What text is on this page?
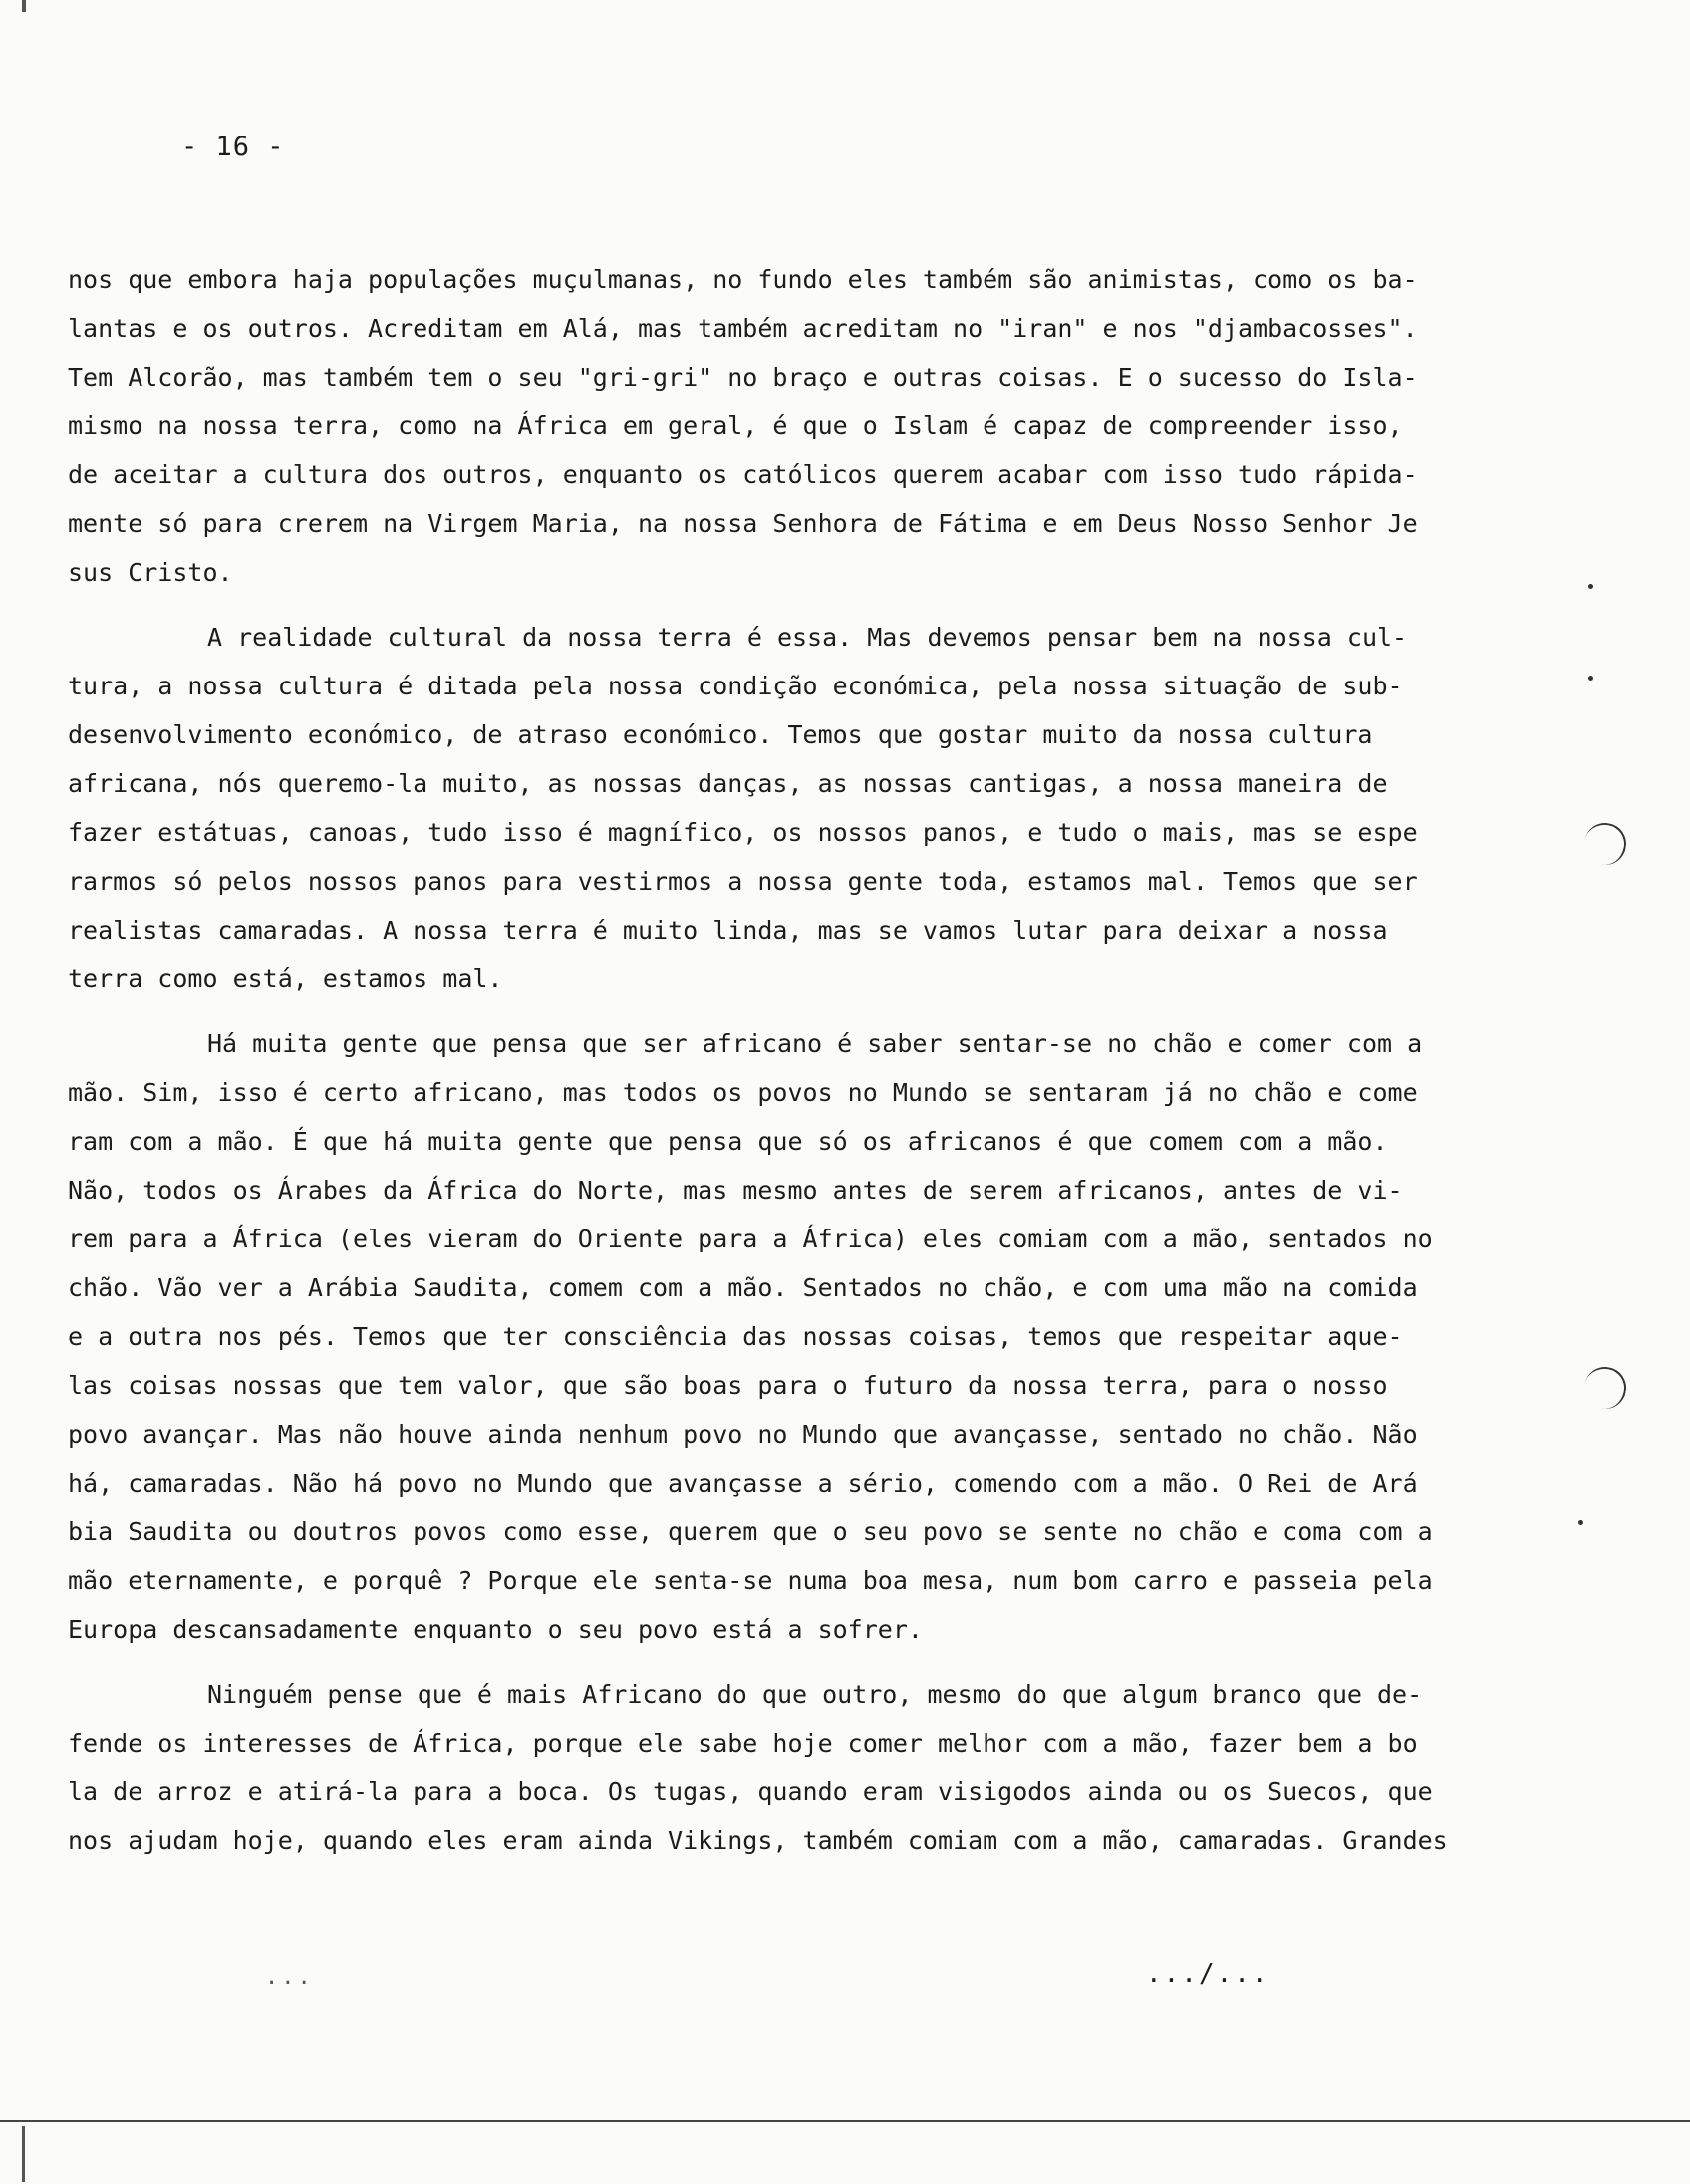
- 16 -
nos que embora haja populações muçulmanas, no fundo eles também são animistas, como os ba-
lantas e os outros. Acreditam em Alá, mas também acreditam no "iran" e nos "djambacosses".
Tem Alcorão, mas também tem o seu "gri-gri" no braço e outras coisas. E o sucesso do Isla-
mismo na nossa terra, como na África em geral, é que o Islam é capaz de compreender isso,
de aceitar a cultura dos outros, enquanto os católicos querem acabar com isso tudo rápida-
mente só para crerem na Virgem Maria, na nossa Senhora de Fátima e em Deus Nosso Senhor Je
sus Cristo.
A realidade cultural da nossa terra é essa. Mas devemos pensar bem na nossa cul-
tura, a nossa cultura é ditada pela nossa condição económica, pela nossa situação de sub-
desenvolvimento económico, de atraso económico. Temos que gostar muito da nossa cultura
africana, nós queremo-la muito, as nossas danças, as nossas cantigas, a nossa maneira de
fazer estátuas, canoas, tudo isso é magnífico, os nossos panos, e tudo o mais, mas se espe
rarmos só pelos nossos panos para vestirmos a nossa gente toda, estamos mal. Temos que ser
realistas camaradas. A nossa terra é muito linda, mas se vamos lutar para deixar a nossa
terra como está, estamos mal.
Há muita gente que pensa que ser africano é saber sentar-se no chão e comer com a
mão. Sim, isso é certo africano, mas todos os povos no Mundo se sentaram já no chão e come
ram com a mão. É que há muita gente que pensa que só os africanos é que comem com a mão.
Não, todos os Árabes da África do Norte, mas mesmo antes de serem africanos, antes de vi-
rem para a África (eles vieram do Oriente para a África) eles comiam com a mão, sentados no
chão. Vão ver a Arábia Saudita, comem com a mão. Sentados no chão, e com uma mão na comida
e a outra nos pés. Temos que ter consciência das nossas coisas, temos que respeitar aque-
las coisas nossas que tem valor, que são boas para o futuro da nossa terra, para o nosso
povo avançar. Mas não houve ainda nenhum povo no Mundo que avançasse, sentado no chão. Não
há, camaradas. Não há povo no Mundo que avançasse a sério, comendo com a mão. O Rei de Ará
bia Saudita ou doutros povos como esse, querem que o seu povo se sente no chão e coma com a
mão eternamente, e porquê ? Porque ele senta-se numa boa mesa, num bom carro e passeia pela
Europa descansadamente enquanto o seu povo está a sofrer.
Ninguém pense que é mais Africano do que outro, mesmo do que algum branco que de-
fende os interesses de África, porque ele sabe hoje comer melhor com a mão, fazer bem a bo
la de arroz e atirá-la para a boca. Os tugas, quando eram visigodos ainda ou os Suecos, que
nos ajudam hoje, quando eles eram ainda Vikings, também comiam com a mão, camaradas. Grandes
...	.../...
